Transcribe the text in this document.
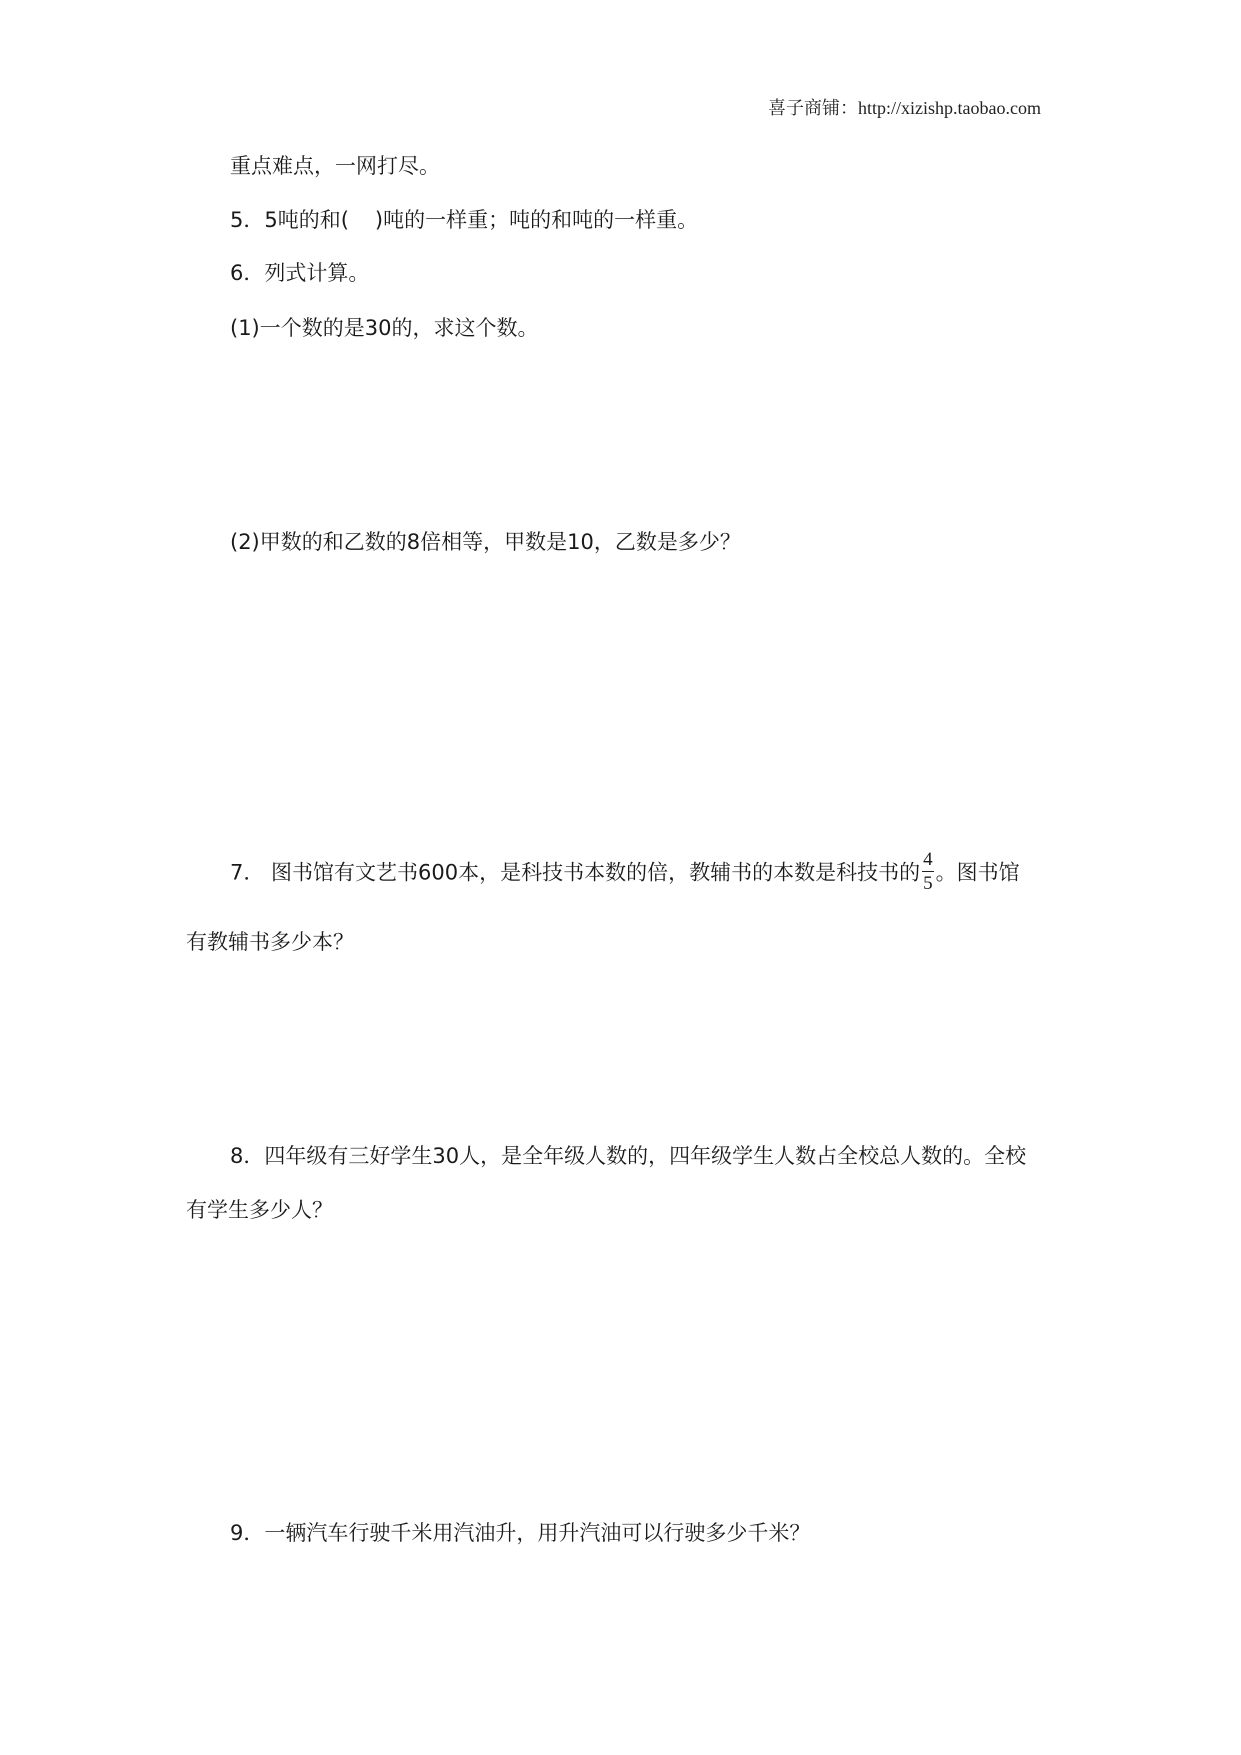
喜子商铺：http://xizishp.taobao.com
重点难点，一网打尽。
5．5吨的和( )吨的一样重；吨的和吨的一样重。
6．列式计算。
(1)一个数的是30的，求这个数。
(2)甲数的和乙数的8倍相等，甲数是10，乙数是多少？
7． 图书馆有文艺书600本，是科技书本数的倍，教辅书的本数是科技书的 $\frac{4}{5}$ 。图书馆
有教辅书多少本？
8．四年级有三好学生30人，是全年级人数的，四年级学生人数占全校总人数的。全校
有学生多少人？
9．一辆汽车行驶千米用汽油升，用升汽油可以行驶多少千米？
